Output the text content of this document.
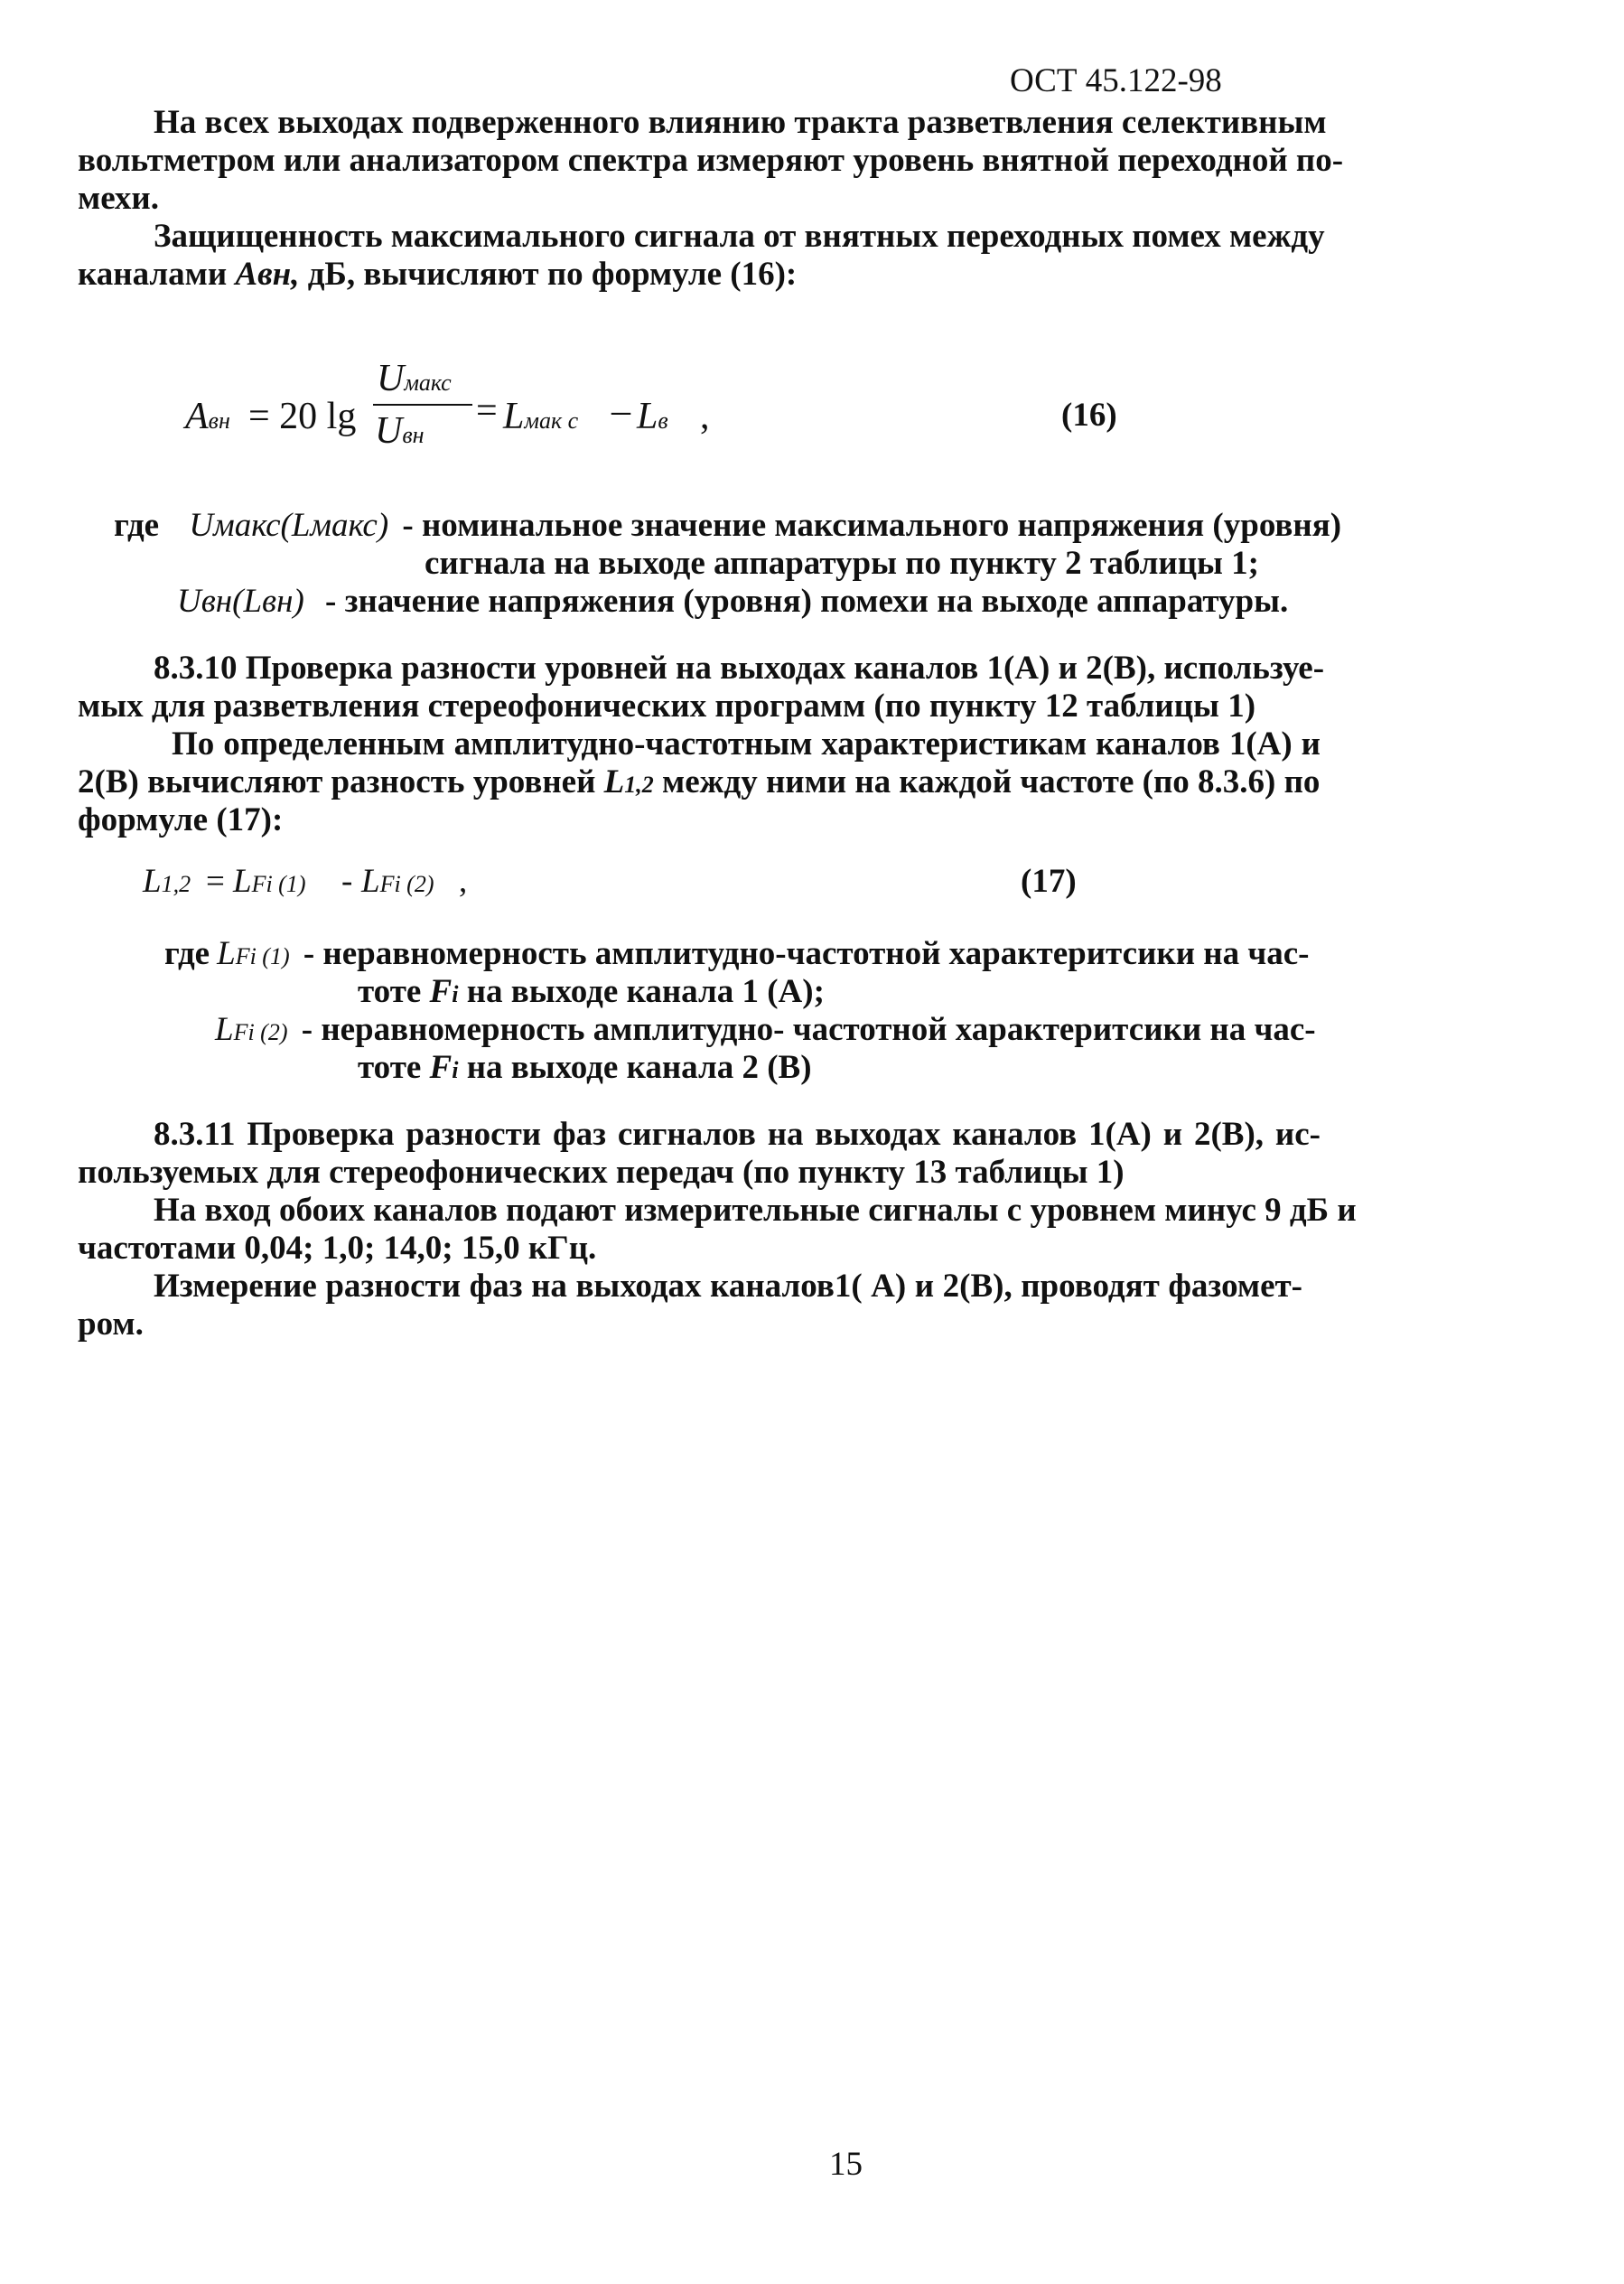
ОСТ 45.122-98
На всех выходах подверженного влиянию тракта разветвления селективным
вольтметром или анализатором спектра измеряют уровень внятной переходной по-
мехи.
Защищенность максимального сигнала от внятных переходных помех между
каналами Авн, дБ, вычисляют по формуле (16):
Aвн = 20 lg
Uмакс
Uвн
= Lмак с – Lв ,	(16)
где Uмакс(Lмакс) - номинальное значение максимального напряжения (уровня)
сигнала на выходе аппаратуры по пункту 2 таблицы 1;
Uвн(Lвн) - значение напряжения (уровня) помехи на выходе аппаратуры.
8.3.10 Проверка разности уровней на выходах каналов 1(А) и 2(В), используе-
мых для разветвления стереофонических программ (по пункту 12 таблицы 1)
По определенным амплитудно-частотным характеристикам каналов 1(А) и
2(В) вычисляют разность уровней L1,2 между ними на каждой частоте (по 8.3.6) по
формуле (17):
L1,2 = LFi (1) - LFi (2) ,	(17)
где LFi (1) - неравномерность амплитудно-частотной характеритсики на час-
тоте Fi на выходе канала 1 (А);
LFi (2) - неравномерность амплитудно- частотной характеритсики на час-
тоте Fi на выходе канала 2 (В)
8.3.11 Проверка разности фаз сигналов на выходах каналов 1(А) и 2(В), ис-
пользуемых для стереофонических передач (по пункту 13 таблицы 1)
На вход обоих каналов подают измерительные сигналы с уровнем минус 9 дБ и
частотами 0,04; 1,0; 14,0; 15,0 кГц.
Измерение разности фаз на выходах каналов1( А) и 2(В), проводят фазомет-
ром.
15
